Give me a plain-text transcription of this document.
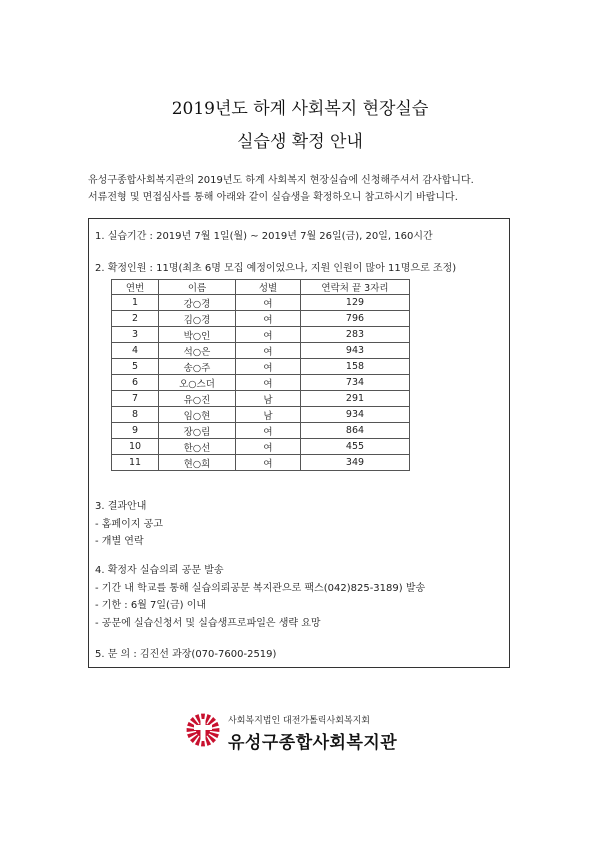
2019년도 하계 사회복지 현장실습
실습생 확정 안내
유성구종합사회복지관의 2019년도 하계 사회복지 현장실습에 신청해주셔서 감사합니다.
서류전형 및 면접심사를 통해 아래와 같이 실습생을 확정하오니 참고하시기 바랍니다.
1. 실습기간 : 2019년 7월 1일(월) ~ 2019년 7월 26일(금), 20일, 160시간
2. 확정인원 : 11명(최초 6명 모집 예정이었으나, 지원 인원이 많아 11명으로 조정)
연번	이름	성별	연락처 끝 3자리
1	강○경	여	129
2	김○경	여	796
3	박○인	여	283
4	석○은	여	943
5	송○주	여	158
6	오○스더	여	734
7	유○진	남	291
8	임○현	남	934
9	장○림	여	864
10	한○선	여	455
11	현○희	여	349
3. 결과안내
- 홈페이지 공고
- 개별 연락
4. 확정자 실습의뢰 공문 발송
- 기간 내 학교를 통해 실습의뢰공문 복지관으로 팩스(042)825-3189) 발송
- 기한 : 6월 7일(금) 이내
- 공문에 실습신청서 및 실습생프로파일은 생략 요망
5. 문 의 : 김진선 과장(070-7600-2519)
사회복지법인 대전가톨릭사회복지회
유성구종합사회복지관
